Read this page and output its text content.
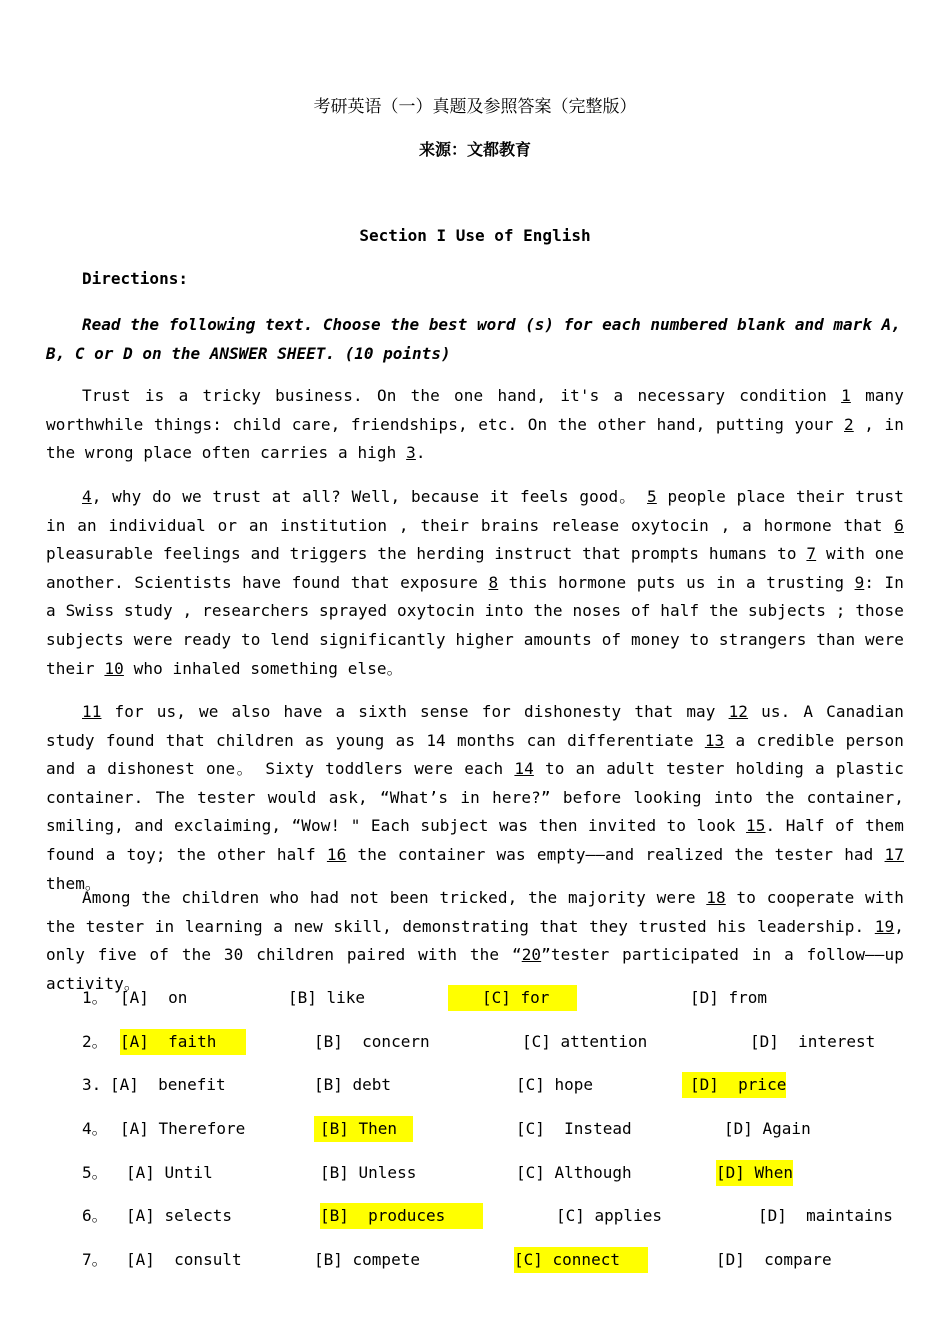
考研英语（一）真题及参照答案（完整版）
来源：文都教育
Section I Use of English
Directions:

Read the following text. Choose the best word (s) for each numbered blank and mark A, B, C or D on the ANSWER SHEET. (10 points)

Trust is a tricky business. On the one hand, it's a necessary condition 1 many worthwhile things: child care, friendships, etc. On the other hand, putting your 2 , in the wrong place often carries a high 3.

4, why do we trust at all? Well, because it feels good。 5 people place their trust in an individual or an institution , their brains release oxytocin , a hormone that 6 pleasurable feelings and triggers the herding instruct that prompts humans to 7 with one another. Scientists have found that exposure 8 this hormone puts us in a trusting 9: In a Swiss study , researchers sprayed oxytocin into the noses of half the subjects ; those subjects were ready to lend significantly higher amounts of money to strangers than were their 10 who inhaled something else。

11 for us, we also have a sixth sense for dishonesty that may 12 us. A Canadian study found that children as young as 14 months can differentiate 13 a credible person and a dishonest one。 Sixty toddlers were each 14 to an adult tester holding a plastic container. The tester would ask, “What’s in here?” before looking into the container, smiling, and exclaiming, “Wow! " Each subject was then invited to look 15. Half of them found a toy; the other half 16 the container was empty——and realized the tester had 17 them。

Among the children who had not been tricked, the majority were 18 to cooperate with the tester in learning a new skill, demonstrating that they trusted his leadership. 19, only five of the 30 children paired with the “20”tester participated in a follow——up activity。

1。 [A]  on	[B] like	[C] for	[D] from
2。 [A]  faith	[B]  concern	[C] attention	[D]  interest
3. [A]  benefit	[B] debt	[C] hope	[D]  price
4。 [A] Therefore	[B] Then	[C]  Instead	[D] Again
5。 [A] Until	[B] Unless	[C] Although	[D] When
6。 [A] selects	[B]  produces	[C] applies	[D]  maintains
7。 [A]  consult	[B] compete	[C] connect	[D]  compare
